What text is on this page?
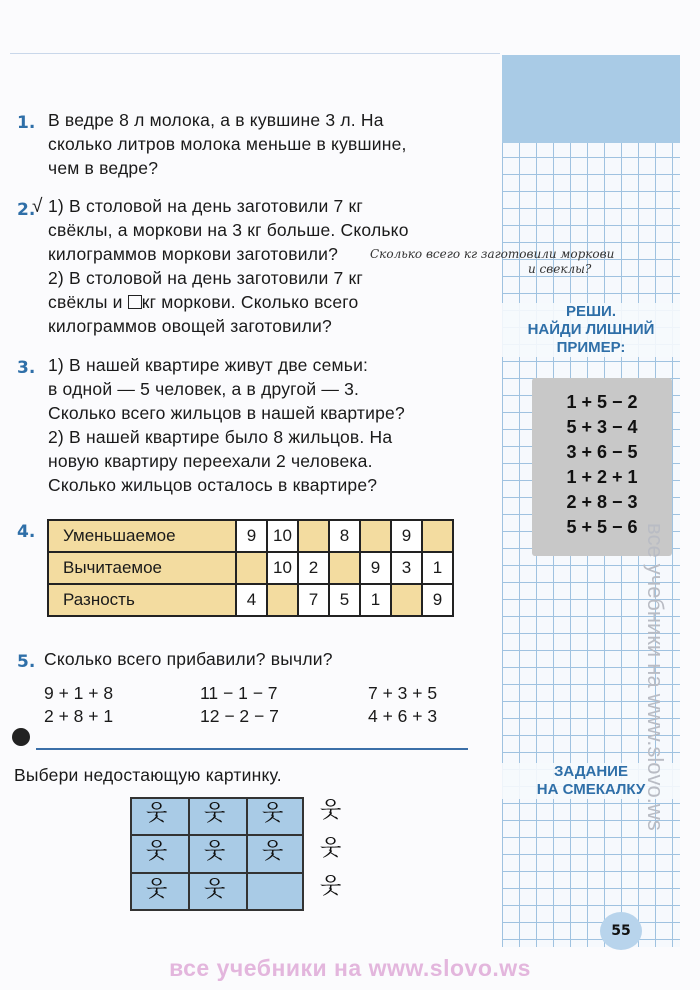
РЕШИ.
НАЙДИ ЛИШНИЙ
ПРИМЕР:
1 + 5 − 2
5 + 3 − 4
3 + 6 − 5
1 + 2 + 1
2 + 8 − 3
5 + 5 − 6
ЗАДАНИЕ
НА СМЕКАЛКУ
55
все учебники на www.slovo.ws
1. В ведре 8 л молока, а в кувшине 3 л. На
сколько литров молока меньше в кувшине,
чем в ведре?
2.
√ 1) В столовой на день заготовили 7 кг
свёклы, а моркови на 3 кг больше. Сколько
килограммов моркови заготовили?	Сколько всего кг заготовили моркови
и свеклы?
2) В столовой на день заготовили 7 кг
свёклы и кг моркови. Сколько всего
килограммов овощей заготовили?
3. 1) В нашей квартире живут две семьи:
в одной — 5 человек, а в другой — 3.
Сколько всего жильцов в нашей квартире?
2) В нашей квартире было 8 жильцов. На
новую квартиру переехали 2 человека.
Сколько жильцов осталось в квартире?
4. Уменьшаемое	9	10		8		9	
Вычитаемое		10	2		9	3	1
Разность	4		7	5	1		9
5. Сколько всего прибавили? вычли?
9 + 1 + 8
2 + 8 + 1
11 − 1 − 7
12 − 2 − 7
7 + 3 + 5
4 + 6 + 3
Выбери недостающую картинку.
웃 웃 웃
웃 웃 웃
웃 웃
웃
웃
웃
все учебники на www.slovo.ws
